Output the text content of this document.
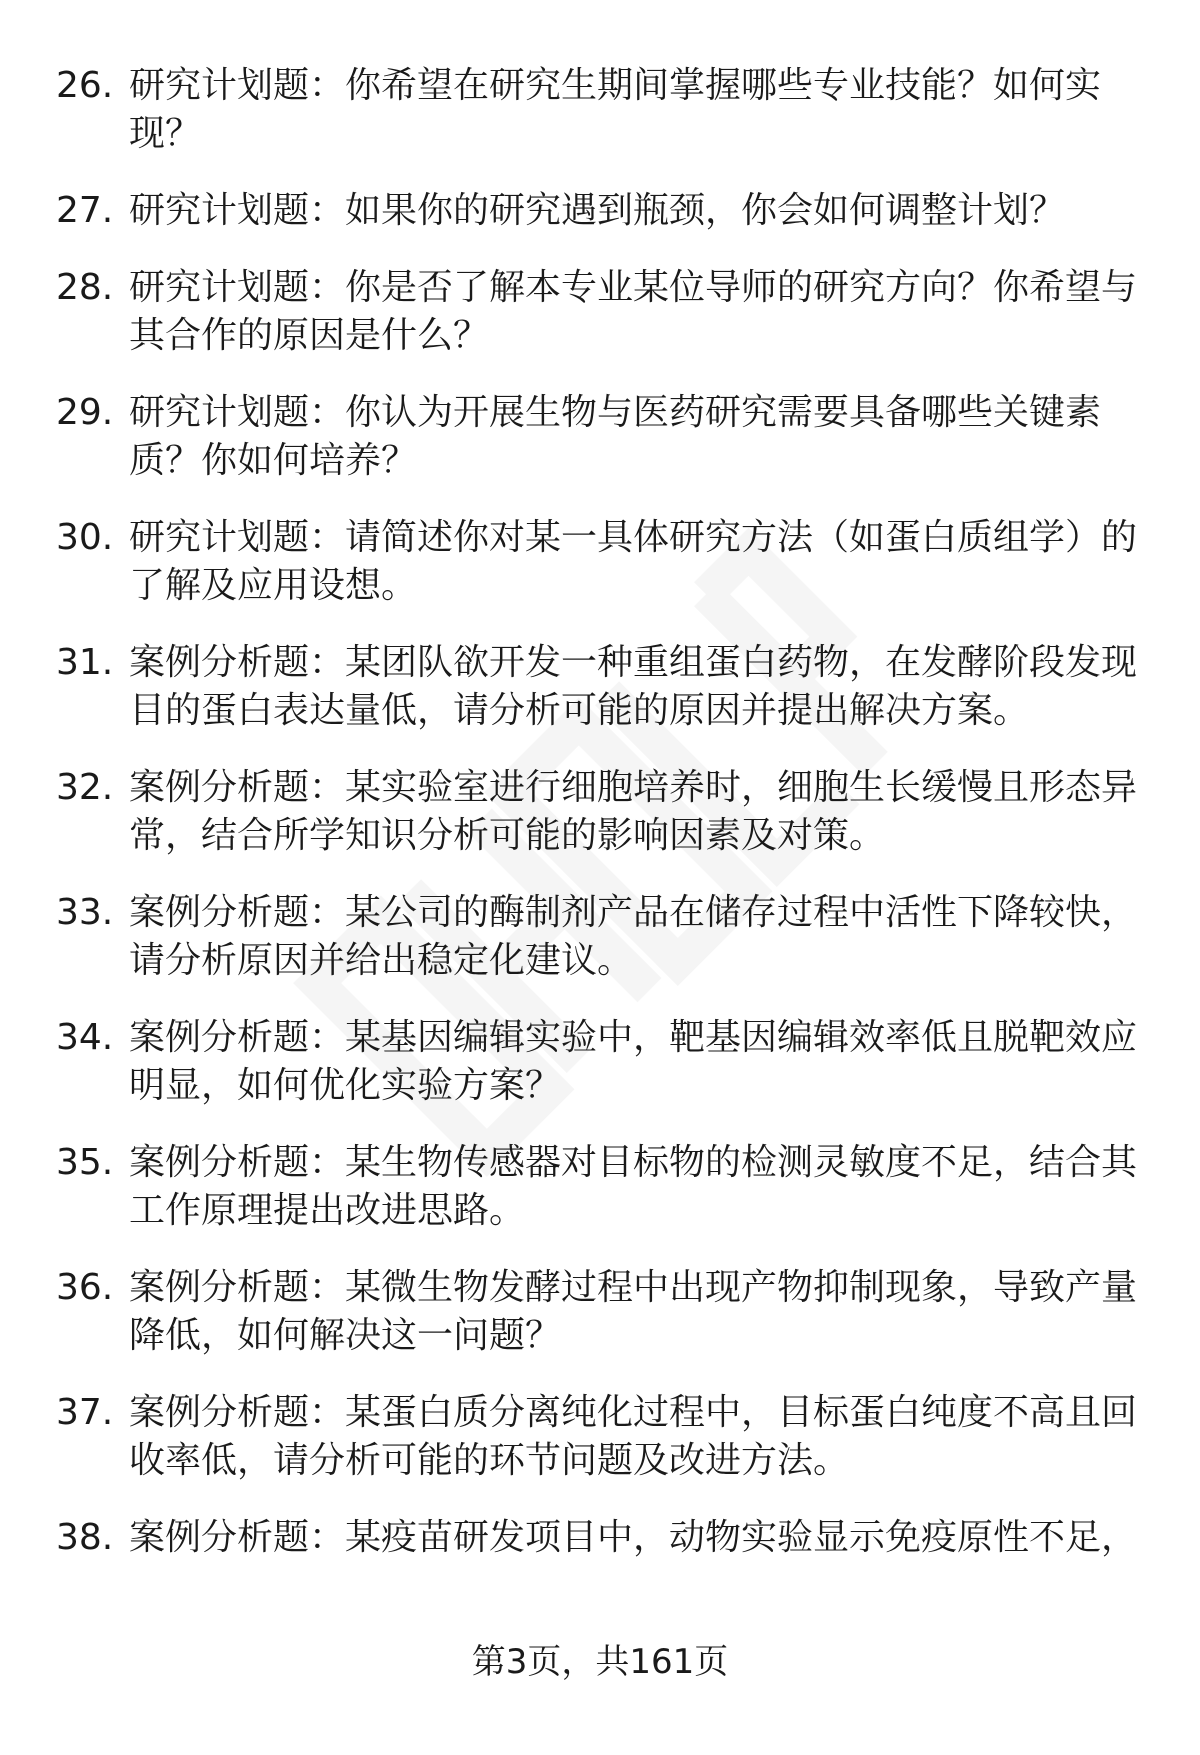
26. 研究计划题：你希望在研究生期间掌握哪些专业技能？如何实现？
27. 研究计划题：如果你的研究遇到瓶颈，你会如何调整计划？
28. 研究计划题：你是否了解本专业某位导师的研究方向？你希望与其合作的原因是什么？
29. 研究计划题：你认为开展生物与医药研究需要具备哪些关键素质？你如何培养？
30. 研究计划题：请简述你对某一具体研究方法（如蛋白质组学）的了解及应用设想。
31. 案例分析题：某团队欲开发一种重组蛋白药物，在发酵阶段发现目的蛋白表达量低，请分析可能的原因并提出解决方案。
32. 案例分析题：某实验室进行细胞培养时，细胞生长缓慢且形态异常，结合所学知识分析可能的影响因素及对策。
33. 案例分析题：某公司的酶制剂产品在储存过程中活性下降较快，请分析原因并给出稳定化建议。
34. 案例分析题：某基因编辑实验中，靶基因编辑效率低且脱靶效应明显，如何优化实验方案？
35. 案例分析题：某生物传感器对目标物的检测灵敏度不足，结合其工作原理提出改进思路。
36. 案例分析题：某微生物发酵过程中出现产物抑制现象，导致产量降低，如何解决这一问题？
37. 案例分析题：某蛋白质分离纯化过程中，目标蛋白纯度不高且回收率低，请分析可能的环节问题及改进方法。
38. 案例分析题：某疫苗研发项目中，动物实验显示免疫原性不足，
第3页，共161页
